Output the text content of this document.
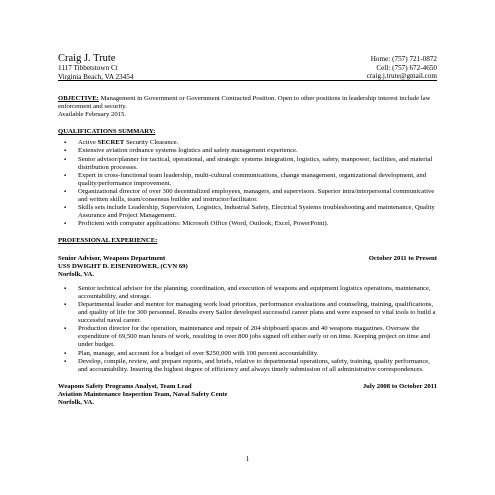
Craig J. Trute
1117 Tibbetstown Ct
Virginia Beach, VA 23454
Home: (757) 721-0872
Cell: (757) 672-4650
craig.j.trute@gmail.com

OBJECTIVE: Management in Government or Government Contracted Position. Open to other positions in leadership interest include law enforcement and security.
Available February 2015.

QUALIFICATIONS SUMMARY:
▪ Active SECRET Security Clearance.
▪ Extensive aviation ordnance systems logistics and safety management experience.
▪ Senior advisor/planner for tactical, operational, and strategic systems integration, logistics, safety, manpower, facilities, and material distribution processes.
▪ Expert in cross-functional team leadership, multi-cultural communications, change management, organizational development, and quality/performance improvement.
▪ Organizational director of over 300 decentralized employees, managers, and supervisors. Superior intra/interpersonal communicative and written skills, team/consensus builder and instructor/facilitator.
▪ Skills sets include Leadership, Supervision, Logistics, Industrial Safety, Electrical Systems troubleshooting and maintenance, Quality Assurance and Project Management.
▪ Proficient with computer applications: Microsoft Office (Word, Outlook, Excel, PowerPoint).
PROFESSIONAL EXPERIENCE:
Senior Advisor, Weapons Department	October 2011 to Present
USS DWIGHT D. EISENHOWER, (CVN 69)
Norfolk, VA.
▪ Senior technical advisor for the planning, coordination, and execution of weapons and equipment logistics operations, maintenance, accountability, and storage.
▪ Departmental leader and mentor for managing work load priorities, performance evaluations and counseling, training, qualifications, and quality of life for 300 personnel. Results every Sailor developed successful career plans and were exposed to vital tools to build a successful naval career.
▪ Production director for the operation, maintenance and repair of 204 shipboard spaces and 40 weapons magazines. Oversaw the expenditure of 69,500 man hours of work, resulting in over 800 jobs signed off either early or on time. Keeping project on time and under budget.
▪ Plan, manage, and account for a budget of over $250,000 with 100 percent accountability.
▪ Develop, compile, review, and prepare reports, and briefs, relative to departmental operations, safety, training, quality performance, and accountability. Insuring the highest degree of efficiency and always timely submission of all administrative correspondences.
Weapons Safety Programs Analyst, Team Lead	July 2008 to October 2011
Aviation Maintenance Inspection Team, Naval Safety Cente
Norfolk, VA.
1
